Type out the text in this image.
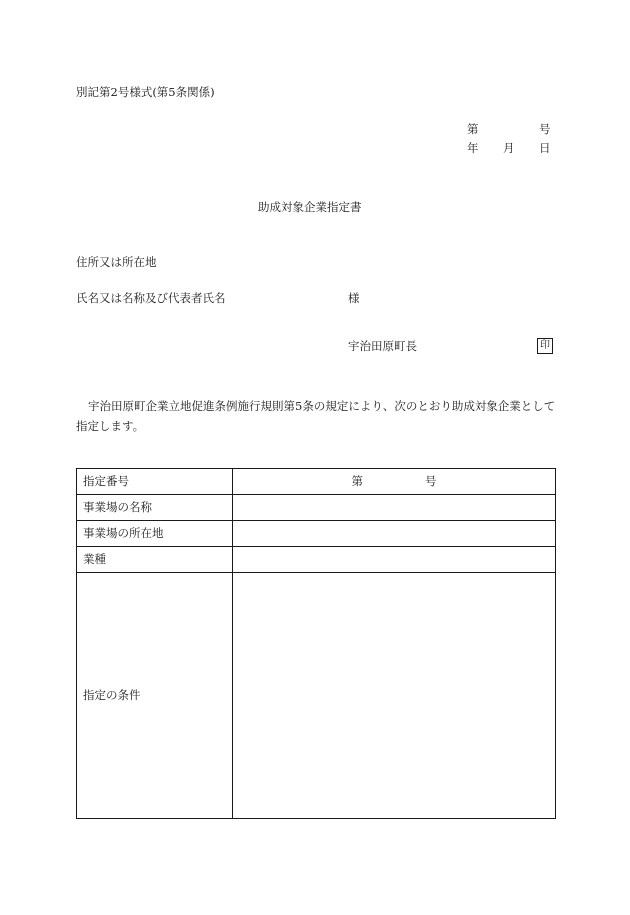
別記第2号様式(第5条関係)
第	号
年 月 日
助成対象企業指定書
住所又は所在地
氏名又は名称及び代表者氏名	様
宇治田原町長	印
宇治田原町企業立地促進条例施行規則第5条の規定により、次のとおり助成対象企業として指定します。
指定番号	第 号
事業場の名称	
事業場の所在地	
業種	
指定の条件	
